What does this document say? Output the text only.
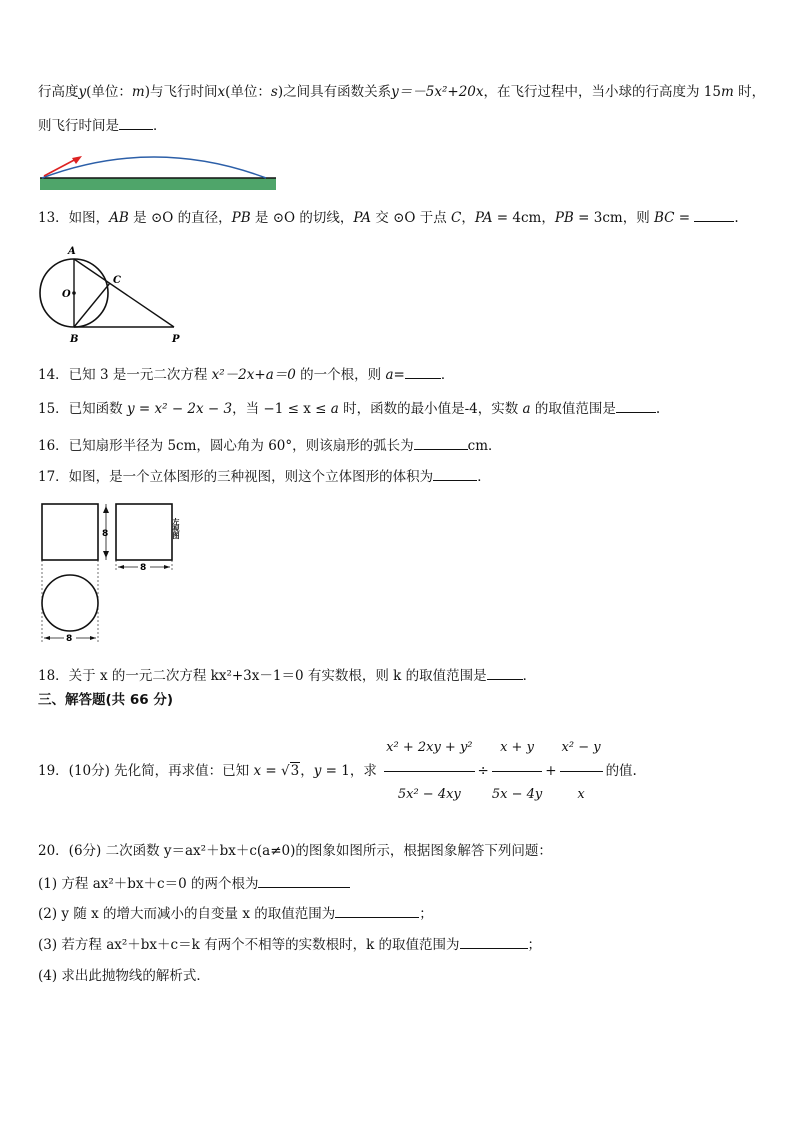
行高度y(单位：m)与飞行时间x(单位：s)之间具有函数关系y＝－5x²+20x，在飞行过程中，当小球的行高度为 15m 时，
则飞行时间是	．
13．如图，AB 是 ⊙O 的直径，PB 是 ⊙O 的切线，PA 交 ⊙O 于点 C，PA = 4cm，PB = 3cm，则 BC =	.
A
O
C
B	P
14．已知 3 是一元二次方程 x²－2x+a＝0 的一个根，则 a=	．
15．已知函数 y = x² − 2x − 3，当 −1 ≤ x ≤ a 时，函数的最小值是-4，实数 a 的取值范围是	.
16．已知扇形半径为 5cm，圆心角为 60°，则该扇形的弧长为	cm．
17．如图，是一个立体图形的三种视图，则这个立体图形的体积为	．
8	左视图
8
8
18．关于 x 的一元二次方程 kx²+3x－1＝0 有实数根，则 k 的取值范围是	．
三、解答题(共 66 分)
19．(10分) 先化简，再求值：已知 x = √3，y = 1，求 $\frac{\text{x² + 2xy + y²}}{\text{5x² − 4xy}} \div \frac{x + y}{5x - 4y} + \frac{\text{x² − y}}{x}$ 的值.
20．(6分) 二次函数 y＝ax²＋bx＋c(a≠0)的图象如图所示，根据图象解答下列问题：
(1) 方程 ax²＋bx＋c＝0 的两个根为
(2) y 随 x 的增大而减小的自变量 x 的取值范围为	；
(3) 若方程 ax²＋bx＋c＝k 有两个不相等的实数根时，k 的取值范围为	；
(4) 求出此抛物线的解析式．
